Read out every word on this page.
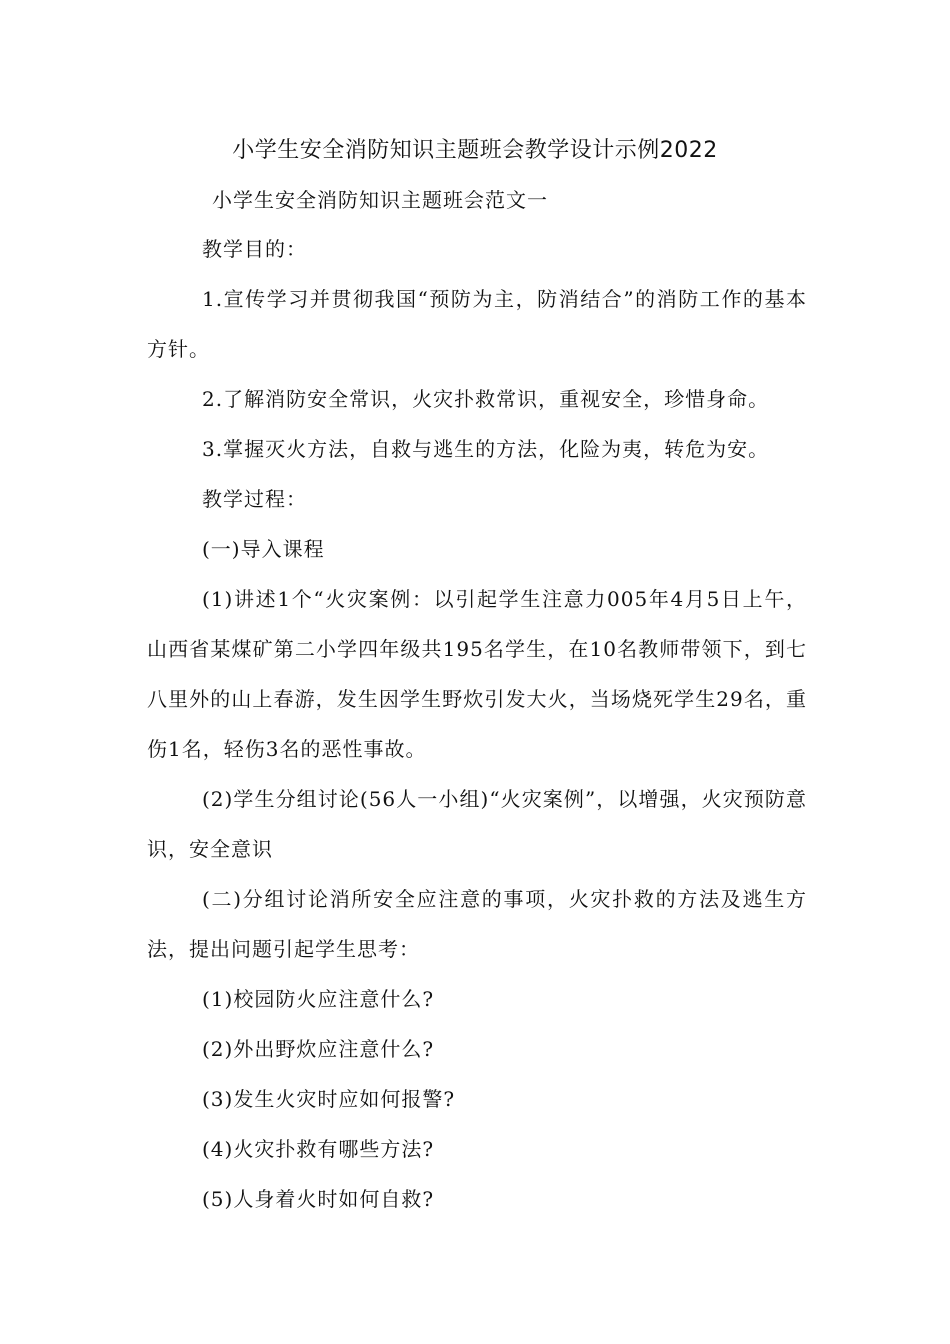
小学生安全消防知识主题班会教学设计示例2022

小学生安全消防知识主题班会范文一

教学目的：

1.宣传学习并贯彻我国“预防为主，防消结合”的消防工作的基本方针。

2.了解消防安全常识，火灾扑救常识，重视安全，珍惜身命。

3.掌握灭火方法，自救与逃生的方法，化险为夷，转危为安。

教学过程：

(一)导入课程

(1)讲述1个“火灾案例：以引起学生注意力005年4月5日上午，山西省某煤矿第二小学四年级共195名学生，在10名教师带领下，到七八里外的山上春游，发生因学生野炊引发大火，当场烧死学生29名，重伤1名，轻伤3名的恶性事故。

(2)学生分组讨论(56人一小组)“火灾案例”，以增强，火灾预防意识，安全意识

(二)分组讨论消所安全应注意的事项，火灾扑救的方法及逃生方法，提出问题引起学生思考：

(1)校园防火应注意什么?

(2)外出野炊应注意什么?

(3)发生火灾时应如何报警?

(4)火灾扑救有哪些方法?

(5)人身着火时如何自救?
